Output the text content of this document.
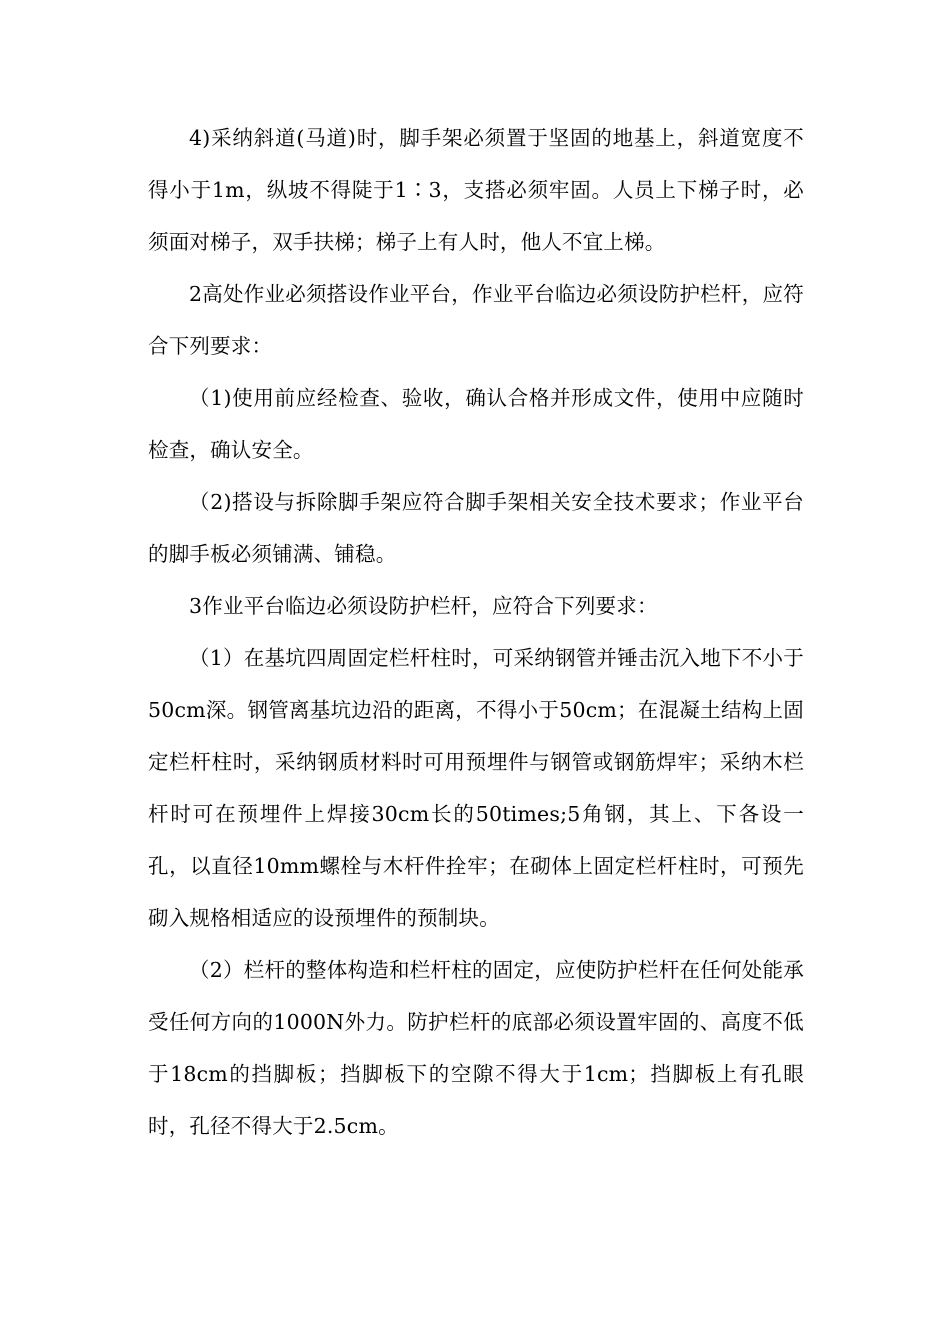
4)采纳斜道(马道)时，脚手架必须置于坚固的地基上，斜道宽度不得小于1m，纵坡不得陡于1∶3，支搭必须牢固。人员上下梯子时，必须面对梯子，双手扶梯；梯子上有人时，他人不宜上梯。

2高处作业必须搭设作业平台，作业平台临边必须设防护栏杆，应符合下列要求：

（1)使用前应经检查、验收，确认合格并形成文件，使用中应随时检查，确认安全。

（2)搭设与拆除脚手架应符合脚手架相关安全技术要求；作业平台的脚手板必须铺满、铺稳。

3作业平台临边必须设防护栏杆，应符合下列要求：

（1）在基坑四周固定栏杆柱时，可采纳钢管并锤击沉入地下不小于50cm深。钢管离基坑边沿的距离，不得小于50cm；在混凝土结构上固定栏杆柱时，采纳钢质材料时可用预埋件与钢管或钢筋焊牢；采纳木栏杆时可在预埋件上焊接30cm长的50times;5角钢，其上、下各设一孔，以直径10mm螺栓与木杆件拴牢；在砌体上固定栏杆柱时，可预先砌入规格相适应的设预埋件的预制块。

（2）栏杆的整体构造和栏杆柱的固定，应使防护栏杆在任何处能承受任何方向的1000N外力。防护栏杆的底部必须设置牢固的、高度不低于18cm的挡脚板；挡脚板下的空隙不得大于1cm；挡脚板上有孔眼时，孔径不得大于2.5cm。
